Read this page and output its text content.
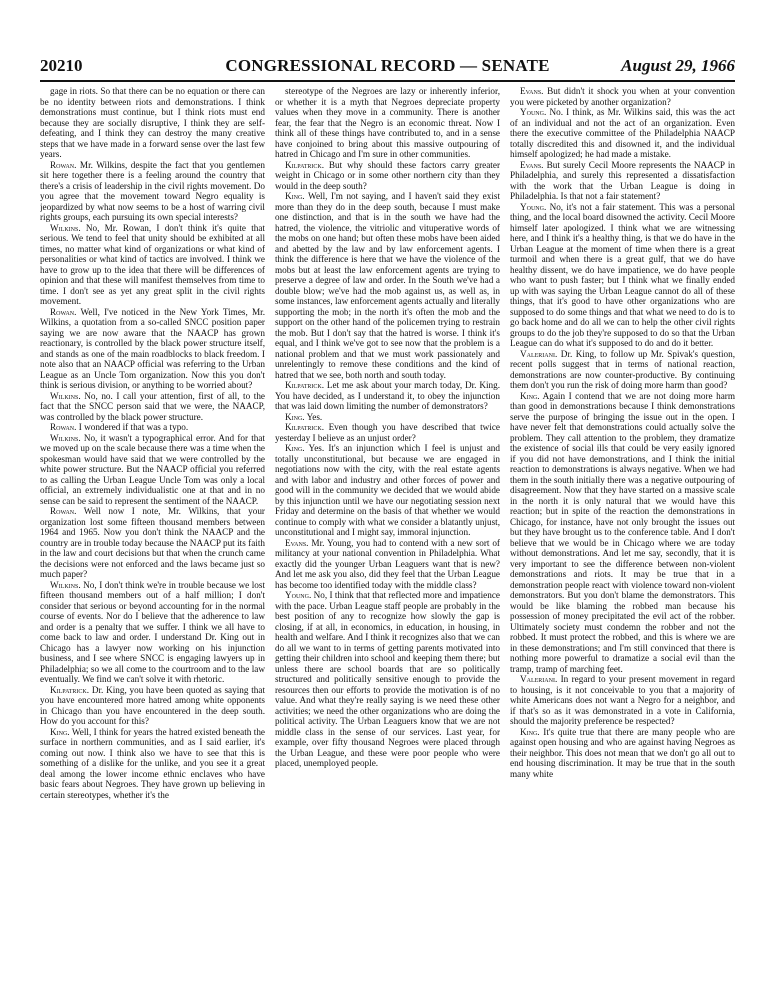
20210	CONGRESSIONAL RECORD — SENATE	August 29, 1966

gage in riots. So that there can be no equation or there can be no identity between riots and demonstrations. I think demonstrations must continue, but I think riots must end because they are socially disruptive, I think they are self-defeating, and I think they can destroy the many creative steps that we have made in a forward sense over the last few years.

Rowan. Mr. Wilkins, despite the fact that you gentlemen sit here together there is a feeling around the country that there's a crisis of leadership in the civil rights movement. Do you agree that the movement toward Negro equality is jeopardized by what now seems to be a host of warring civil rights groups, each pursuing its own special interests?

Wilkins. No, Mr. Rowan, I don't think it's quite that serious. We tend to feel that unity should be exhibited at all times, no matter what kind of organizations or what kind of personalities or what kind of tactics are involved. I think we have to grow up to the idea that there will be differences of opinion and that these will manifest themselves from time to time. I don't see as yet any great split in the civil rights movement.

Rowan. Well, I've noticed in the New York Times, Mr. Wilkins, a quotation from a so-called SNCC position paper saying we are now aware that the NAACP has grown reactionary, is controlled by the black power structure itself, and stands as one of the main roadblocks to black freedom. I note also that an NAACP official was referring to the Urban League as an Uncle Tom organization. Now this you don't think is serious division, or anything to be worried about?

Wilkins. No, no. I call your attention, first of all, to the fact that the SNCC person said that we were, the NAACP, was controlled by the black power structure.

Rowan. I wondered if that was a typo.

Wilkins. No, it wasn't a typographical error. And for that we moved up on the scale because there was a time when the spokesman would have said that we were controlled by the white power structure. But the NAACP official you referred to as calling the Urban League Uncle Tom was only a local official, an extremely individualistic one at that and in no sense can be said to represent the sentiment of the NAACP.

Rowan. Well now I note, Mr. Wilkins, that your organization lost some fifteen thousand members between 1964 and 1965. Now you don't think the NAACP and the country are in trouble today because the NAACP put its faith in the law and court decisions but that when the crunch came the decisions were not enforced and the laws became just so much paper?

Wilkins. No, I don't think we're in trouble because we lost fifteen thousand members out of a half million; I don't consider that serious or beyond accounting for in the normal course of events. Nor do I believe that the adherence to law and order is a penalty that we suffer. I think we all have to come back to law and order. I understand Dr. King out in Chicago has a lawyer now working on his injunction business, and I see where SNCC is engaging lawyers up in Philadelphia; so we all come to the courtroom and to the law eventually. We find we can't solve it with rhetoric.

Kilpatrick. Dr. King, you have been quoted as saying that you have encountered more hatred among white opponents in Chicago than you have encountered in the deep south. How do you account for this?

King. Well, I think for years the hatred existed beneath the surface in northern communities, and as I said earlier, it's coming out now. I think also we have to see that this is something of a dislike for the unlike, and you see it a great deal among the lower income ethnic enclaves who have basic fears about Negroes. They have grown up believing in certain stereotypes, whether it's the

stereotype of the Negroes are lazy or inherently inferior, or whether it is a myth that Negroes depreciate property values when they move in a community. There is another fear, the fear that the Negro is an economic threat. Now I think all of these things have contributed to, and in a sense have conjoined to bring about this massive outpouring of hatred in Chicago and I'm sure in other communities.

Kilpatrick. But why should these factors carry greater weight in Chicago or in some other northern city than they would in the deep south?

King. Well, I'm not saying, and I haven't said they exist more than they do in the deep south, because I must make one distinction, and that is in the south we have had the hatred, the violence, the vitriolic and vituperative words of the mobs on one hand; but often these mobs have been aided and abetted by the law and by law enforcement agents. I think the difference is here that we have the violence of the mobs but at least the law enforcement agents are trying to preserve a degree of law and order. In the South we've had a double blow; we've had the mob against us, as well as, in some instances, law enforcement agents actually and literally supporting the mob; in the north it's often the mob and the support on the other hand of the policemen trying to restrain the mob. But I don't say that the hatred is worse. I think it's equal, and I think we've got to see now that the problem is a national problem and that we must work passionately and unrelentingly to remove these conditions and the kind of hatred that we see, both north and south today.

Kilpatrick. Let me ask about your march today, Dr. King. You have decided, as I understand it, to obey the injunction that was laid down limiting the number of demonstrators?

King. Yes.

Kilpatrick. Even though you have described that twice yesterday I believe as an unjust order?

King. Yes. It's an injunction which I feel is unjust and totally unconstitutional, but because we are engaged in negotiations now with the city, with the real estate agents and with labor and industry and other forces of power and good will in the community we decided that we would abide by this injunction until we have our negotiating session next Friday and determine on the basis of that whether we would continue to comply with what we consider a blatantly unjust, unconstitutional and I might say, immoral injunction.

Evans. Mr. Young, you had to contend with a new sort of militancy at your national convention in Philadelphia. What exactly did the younger Urban Leaguers want that is new? And let me ask you also, did they feel that the Urban League has become too identified today with the middle class?

Young. No, I think that that reflected more and impatience with the pace. Urban League staff people are probably in the best position of any to recognize how slowly the gap is closing, if at all, in economics, in education, in housing, in health and welfare. And I think it recognizes also that we can do all we want to in terms of getting parents motivated into getting their children into school and keeping them there; but unless there are school boards that are so politically structured and politically sensitive enough to provide the resources then our efforts to provide the motivation is of no value. And what they're really saying is we need these other activities; we need the other organizations who are doing the political activity. The Urban Leaguers know that we are not middle class in the sense of our services. Last year, for example, over fifty thousand Negroes were placed through the Urban League, and these were poor people who were placed, unemployed people.

Evans. But didn't it shock you when at your convention you were picketed by another organization?

Young. No. I think, as Mr. Wilkins said, this was the act of an individual and not the act of an organization. Even there the executive committee of the Philadelphia NAACP totally discredited this and disowned it, and the individual himself apologized; he had made a mistake.

Evans. But surely Cecil Moore represents the NAACP in Philadelphia, and surely this represented a dissatisfaction with the work that the Urban League is doing in Philadelphia. Is that not a fair statement?

Young. No, it's not a fair statement. This was a personal thing, and the local board disowned the activity. Cecil Moore himself later apologized. I think what we are witnessing here, and I think it's a healthy thing, is that we do have in the Urban League at the moment of time when there is a great turmoil and when there is a great gulf, that we do have healthy dissent, we do have impatience, we do have people who want to push faster; but I think what we finally ended up with was saying the Urban League cannot do all of these things, that it's good to have other organizations who are supposed to do some things and that what we need to do is to go back home and do all we can to help the other civil rights groups to do the job they're supposed to do so that the Urban League can do what it's supposed to do and do it better.

Valeriani. Dr. King, to follow up Mr. Spivak's question, recent polls suggest that in terms of national reaction, demonstrations are now counter-productive. By continuing them don't you run the risk of doing more harm than good?

King. Again I contend that we are not doing more harm than good in demonstrations because I think demonstrations serve the purpose of bringing the issue out in the open. I have never felt that demonstrations could actually solve the problem. They call attention to the problem, they dramatize the existence of social ills that could be very easily ignored if you did not have demonstrations, and I think the initial reaction to demonstrations is always negative. When we had them in the south initially there was a negative outpouring of disagreement. Now that they have started on a massive scale in the north it is only natural that we would have this reaction; but in spite of the reaction the demonstrations in Chicago, for instance, have not only brought the issues out but they have brought us to the conference table. And I don't believe that we would be in Chicago where we are today without demonstrations. And let me say, secondly, that it is very important to see the difference between non-violent demonstrations and riots. It may be true that in a demonstration people react with violence toward non-violent demonstrators. But you don't blame the demonstrators. This would be like blaming the robbed man because his possession of money precipitated the evil act of the robber. Ultimately society must condemn the robber and not the robbed. It must protect the robbed, and this is where we are in these demonstrations; and I'm still convinced that there is nothing more powerful to dramatize a social evil than the tramp, tramp of marching feet.

Valeriani. In regard to your present movement in regard to housing, is it not conceivable to you that a majority of white Americans does not want a Negro for a neighbor, and if that's so as it was demonstrated in a vote in California, should the majority preference be respected?

King. It's quite true that there are many people who are against open housing and who are against having Negroes as their neighbor. This does not mean that we don't go all out to end housing discrimination. It may be true that in the south many white
